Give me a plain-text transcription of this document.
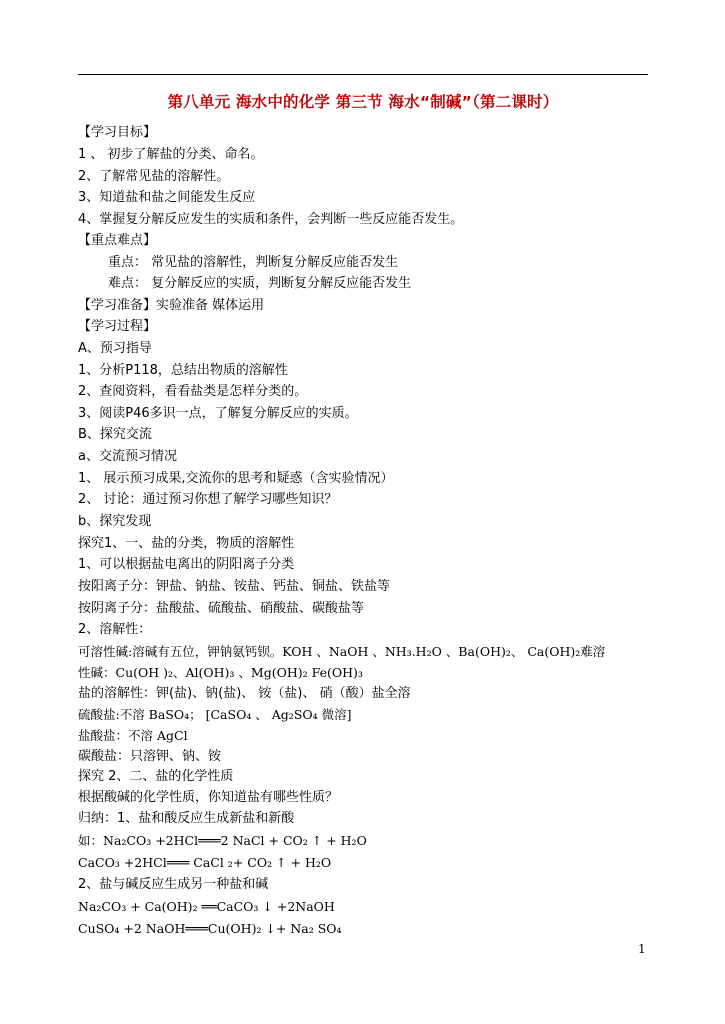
第八单元 海水中的化学 第三节 海水“制碱”（第二课时）
【学习目标】
1 、 初步了解盐的分类、命名。
2、了解常见盐的溶解性。
3、知道盐和盐之间能发生反应
4、掌握复分解反应发生的实质和条件，会判断一些反应能否发生。
【重点难点】
重点： 常见盐的溶解性，判断复分解反应能否发生
难点： 复分解反应的实质，判断复分解反应能否发生
【学习准备】实验准备 媒体运用
【学习过程】
A、预习指导
1、分析P118，总结出物质的溶解性
2、查阅资料，看看盐类是怎样分类的。
3、阅读P46多识一点，了解复分解反应的实质。
B、探究交流
a、交流预习情况
1、 展示预习成果,交流你的思考和疑惑（含实验情况）
2、 讨论：通过预习你想了解学习哪些知识？
b、探究发现
探究1、一、盐的分类，物质的溶解性
1、可以根据盐电离出的阴阳离子分类
按阳离子分：钾盐、钠盐、铵盐、钙盐、铜盐、铁盐等
按阴离子分：盐酸盐、硫酸盐、硝酸盐、碳酸盐等
2、溶解性：
可溶性碱:溶碱有五位，钾钠氨钙钡。KOH 、NaOH 、NH₃.H₂O 、Ba(OH)₂、 Ca(OH)₂难溶
性碱：Cu(OH )₂、Al(OH)₃ 、Mg(OH)₂ Fe(OH)₃
盐的溶解性：钾(盐)、钠(盐)、 铵（盐)、 硝（酸）盐全溶
硫酸盐:不溶 BaSO₄； [CaSO₄ 、 Ag₂SO₄ 微溶]
盐酸盐：不溶 AgCl
碳酸盐：只溶钾、钠、铵
探究 2、二、盐的化学性质
根据酸碱的化学性质，你知道盐有哪些性质？
归纳：1、盐和酸反应生成新盐和新酸
如：Na₂CO₃ +2HCl═══2 NaCl + CO₂ ↑ + H₂O
CaCO₃ +2HCl═══ CaCl ₂+ CO₂ ↑ + H₂O
2、盐与碱反应生成另一种盐和碱
Na₂CO₃ + Ca(OH)₂ ══CaCO₃ ↓ +2NaOH
CuSO₄ +2 NaOH═══Cu(OH)₂ ↓+ Na₂ SO₄
1
